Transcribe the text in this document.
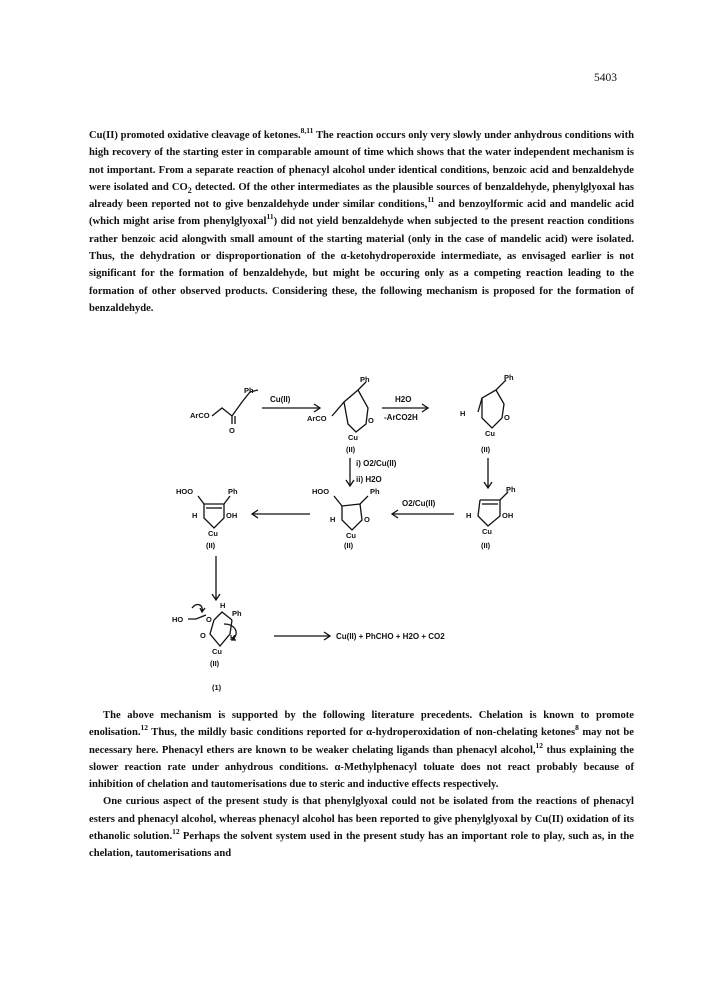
5403

Cu(II) promoted oxidative cleavage of ketones.$^{8,11}$ The reaction occurs only very slowly under anhydrous conditions with high recovery of the starting ester in comparable amount of time which shows that the water independent mechanism is not important. From a separate reaction of phenacyl alcohol under identical conditions, benzoic acid and benzaldehyde were isolated and $CO_2$ detected. Of the other intermediates as the plausible sources of benzaldehyde, phenylglyoxal has already been reported not to give benzaldehyde under similar conditions,$^{11}$ and benzoylformic acid and mandelic acid (which might arise from phenylglyoxal$^{11}$) did not yield benzaldehyde when subjected to the present reaction conditions rather benzoic acid alongwith small amount of the starting material (only in the case of mandelic acid) were isolated. Thus, the dehydration or disproportionation of the α-ketohydroperoxide intermediate, as envisaged earlier is not significant for the formation of benzaldehyde, but might be occuring only as a competing reaction leading to the formation of other observed products. Considering these, the following mechanism is proposed for the formation of benzaldehyde.

ArCO
O
Ph
Cu(II)
ArCO
Ph
O
Cu
(II)
H2O
-ArCO2H	H
Ph
O
Cu
(II)
i) O2/Cu(II)
ii) H2O
HOO	Ph
H	OH
Cu
(II)
HOO	Ph
H	O
Cu
(II)
O2/Cu(II)
Ph
H	OH
Cu
(II)
HO	O
H
Ph
O	H
Cu
(II)
(1)
Cu(II) + PhCHO + H2O + CO2

The above mechanism is supported by the following literature precedents. Chelation is known to promote enolisation.$^{12}$ Thus, the mildly basic conditions reported for α-hydroperoxidation of non-chelating ketones$^8$ may not be necessary here. Phenacyl ethers are known to be weaker chelating ligands than phenacyl alcohol,$^{12}$ thus explaining the slower reaction rate under anhydrous conditions. α-Methylphenacyl toluate does not react probably because of inhibition of chelation and tautomerisations due to steric and inductive effects respectively.

One curious aspect of the present study is that phenylglyoxal could not be isolated from the reactions of phenacyl esters and phenacyl alcohol, whereas phenacyl alcohol has been reported to give phenylglyoxal by Cu(II) oxidation of its ethanolic solution.$^{12}$ Perhaps the solvent system used in the present study has an important role to play, such as, in the chelation, tautomerisations and
